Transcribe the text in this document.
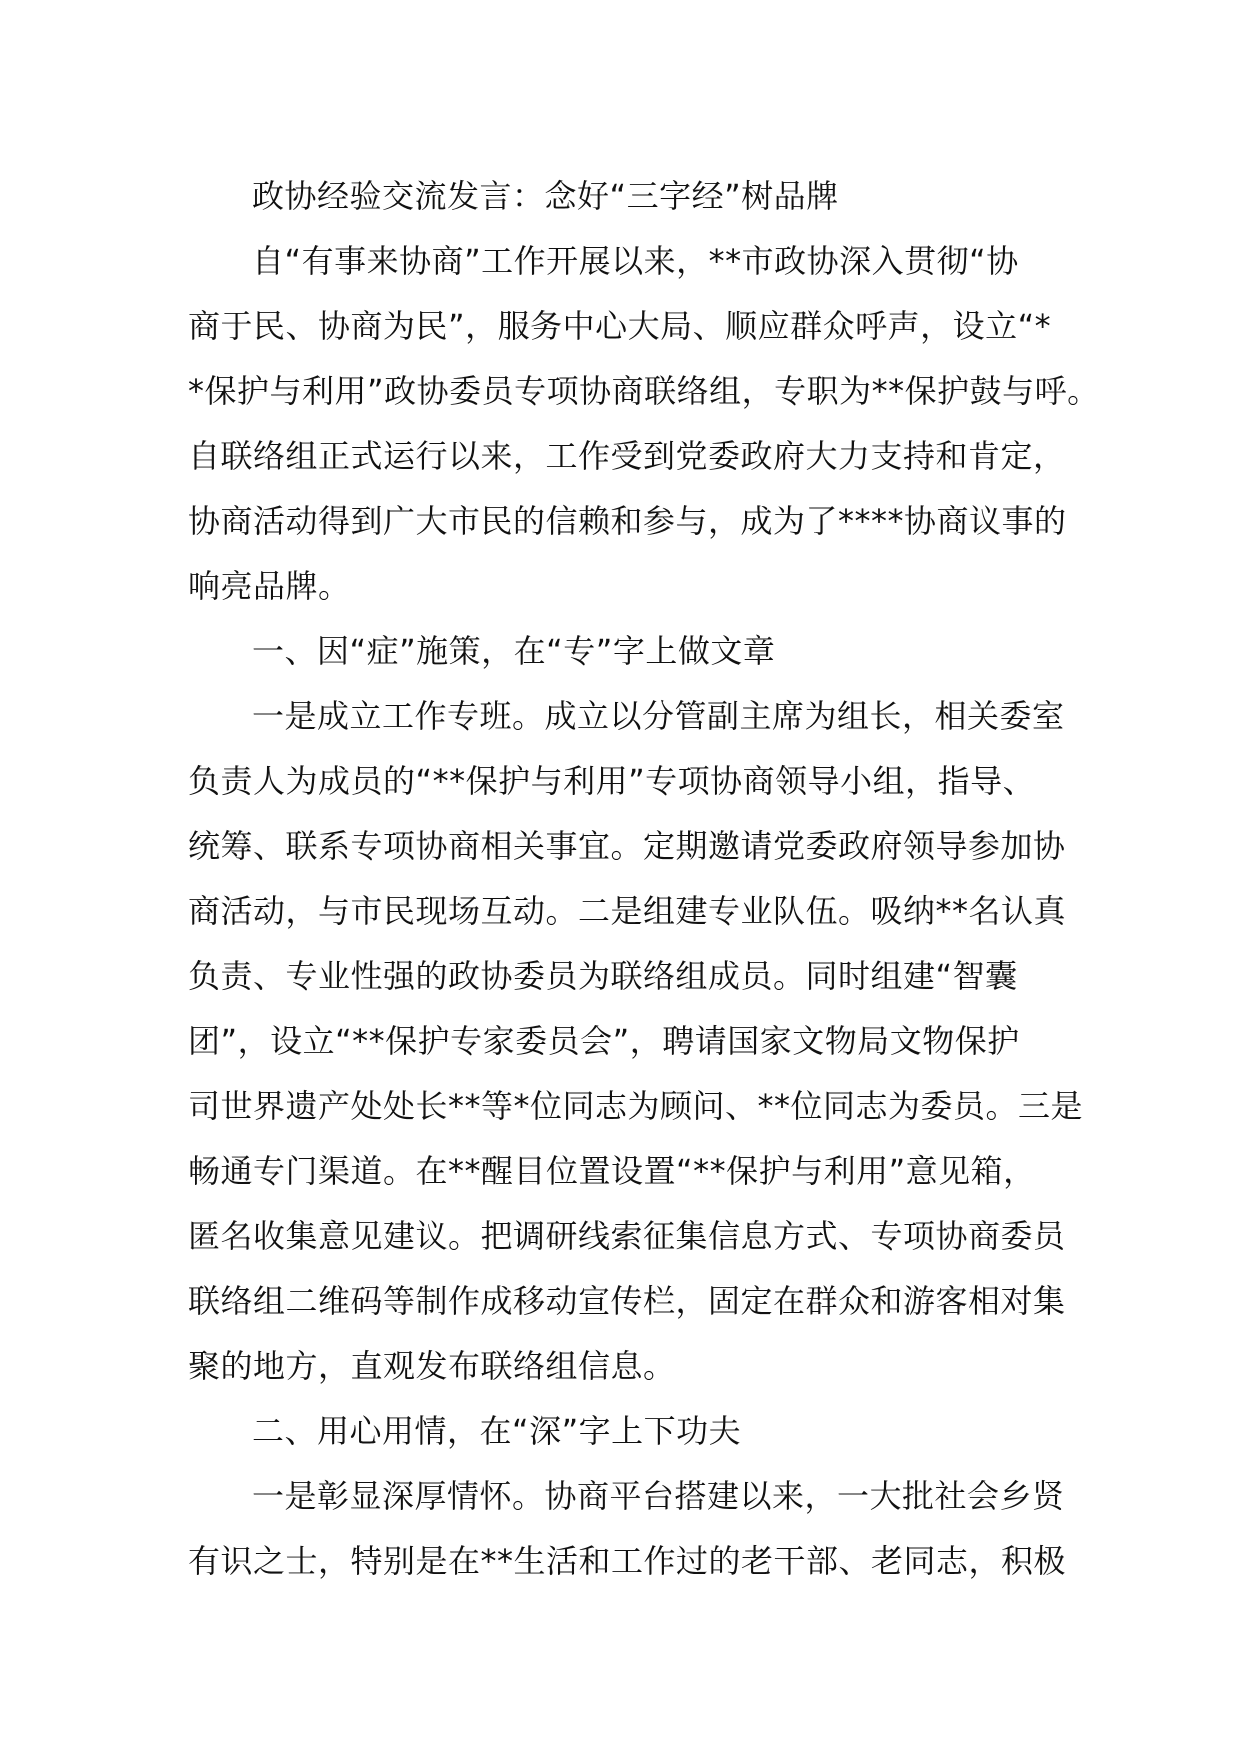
政协经验交流发言：念好“三字经”树品牌
自“有事来协商”工作开展以来，**市政协深入贯彻“协
商于民、协商为民”，服务中心大局、顺应群众呼声，设立“*
*保护与利用”政协委员专项协商联络组，专职为**保护鼓与呼。
自联络组正式运行以来，工作受到党委政府大力支持和肯定，
协商活动得到广大市民的信赖和参与，成为了****协商议事的
响亮品牌。
一、因“症”施策，在“专”字上做文章
一是成立工作专班。成立以分管副主席为组长，相关委室
负责人为成员的“**保护与利用”专项协商领导小组，指导、
统筹、联系专项协商相关事宜。定期邀请党委政府领导参加协
商活动，与市民现场互动。二是组建专业队伍。吸纳**名认真
负责、专业性强的政协委员为联络组成员。同时组建“智囊
团”，设立“**保护专家委员会”，聘请国家文物局文物保护
司世界遗产处处长**等*位同志为顾问、**位同志为委员。三是
畅通专门渠道。在**醒目位置设置“**保护与利用”意见箱，
匿名收集意见建议。把调研线索征集信息方式、专项协商委员
联络组二维码等制作成移动宣传栏，固定在群众和游客相对集
聚的地方，直观发布联络组信息。
二、用心用情，在“深”字上下功夫
一是彰显深厚情怀。协商平台搭建以来，一大批社会乡贤
有识之士，特别是在**生活和工作过的老干部、老同志，积极
